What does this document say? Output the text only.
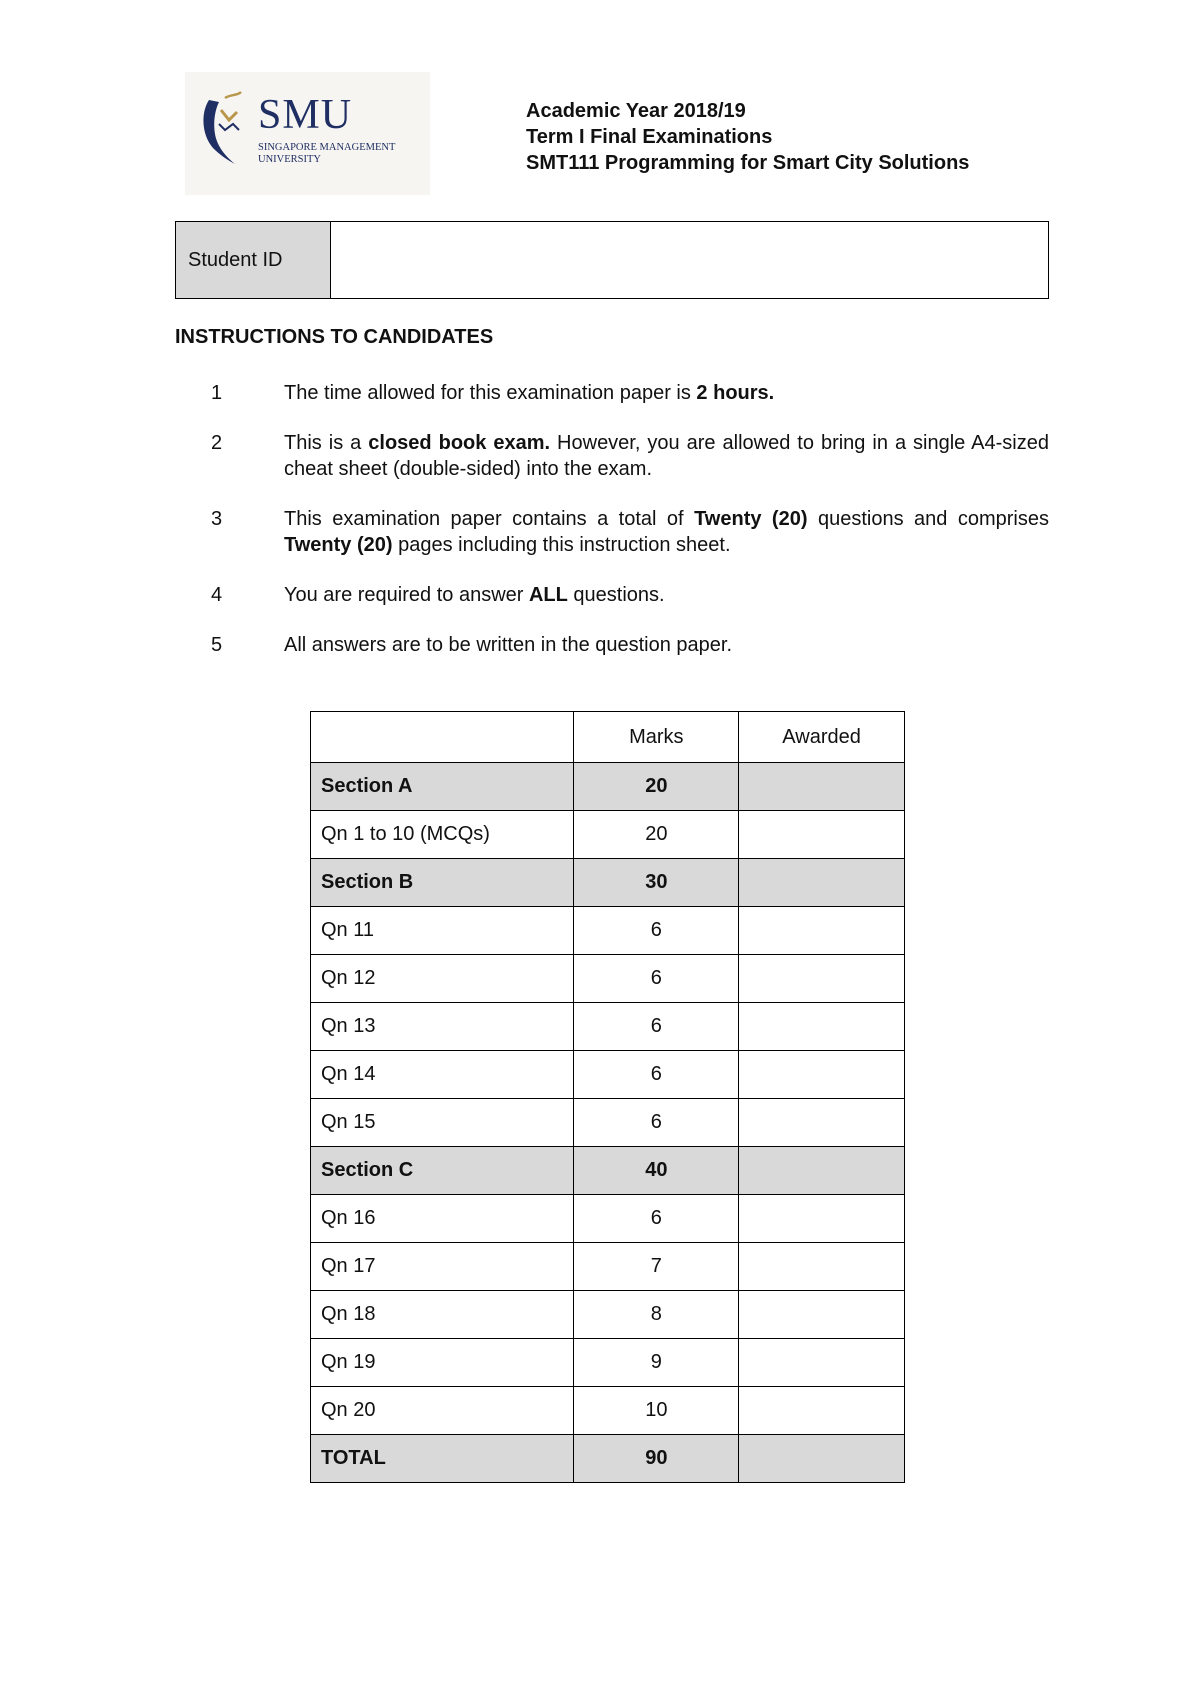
SMU
SINGAPORE MANAGEMENT
UNIVERSITY
Academic Year 2018/19
Term I Final Examinations
SMT111 Programming for Smart City Solutions
Student ID
INSTRUCTIONS TO CANDIDATES
1	The time allowed for this examination paper is 2 hours.
2	This is a closed book exam. However, you are allowed to bring in a single A4-sized cheat sheet (double-sided) into the exam.
3	This examination paper contains a total of Twenty (20) questions and comprises Twenty (20) pages including this instruction sheet.
4	You are required to answer ALL questions.
5	All answers are to be written in the question paper.
	Marks	Awarded
Section A	20	
Qn 1 to 10 (MCQs)	20	
Section B	30	
Qn 11	6	
Qn 12	6	
Qn 13	6	
Qn 14	6	
Qn 15	6	
Section C	40	
Qn 16	6	
Qn 17	7	
Qn 18	8	
Qn 19	9	
Qn 20	10	
TOTAL	90	
